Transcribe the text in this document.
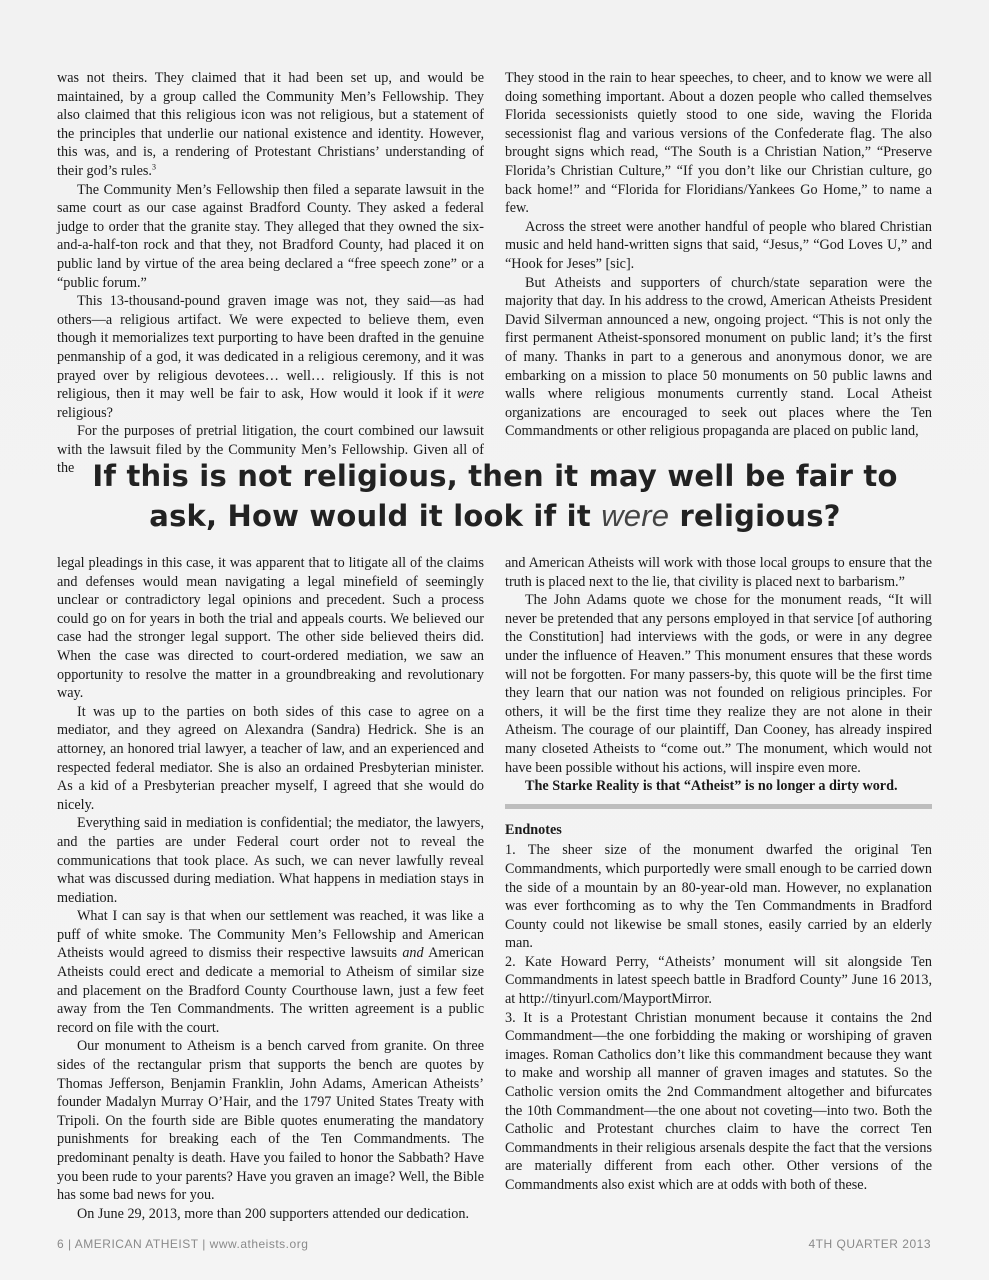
was not theirs. They claimed that it had been set up, and would be maintained, by a group called the Community Men’s Fellowship. They also claimed that this religious icon was not religious, but a statement of the principles that underlie our national existence and identity. However, this was, and is, a rendering of Protestant Christians’ understanding of their god’s rules.$^3$

The Community Men’s Fellowship then filed a separate lawsuit in the same court as our case against Bradford County. They asked a federal judge to order that the granite stay. They alleged that they owned the six-and-a-half-ton rock and that they, not Bradford County, had placed it on public land by virtue of the area being declared a “free speech zone” or a “public forum.”

This 13-thousand-pound graven image was not, they said—as had others—a religious artifact. We were expected to believe them, even though it memorializes text purporting to have been drafted in the genuine penmanship of a god, it was dedicated in a religious ceremony, and it was prayed over by religious devotees… well… religiously. If this is not religious, then it may well be fair to ask, How would it look if it were religious?

For the purposes of pretrial litigation, the court combined our lawsuit with the lawsuit filed by the Community Men’s Fellowship. Given all of the

They stood in the rain to hear speeches, to cheer, and to know we were all doing something important. About a dozen people who called themselves Florida secessionists quietly stood to one side, waving the Florida secessionist flag and various versions of the Confederate flag. The also brought signs which read, “The South is a Christian Nation,” “Preserve Florida’s Christian Culture,” “If you don’t like our Christian culture, go back home!” and “Florida for Floridians/Yankees Go Home,” to name a few.

Across the street were another handful of people who blared Christian music and held hand-written signs that said, “Jesus,” “God Loves U,” and “Hook for Jeses” [sic].

But Atheists and supporters of church/state separation were the majority that day. In his address to the crowd, American Atheists President David Silverman announced a new, ongoing project. “This is not only the first permanent Atheist-sponsored monument on public land; it’s the first of many. Thanks in part to a generous and anonymous donor, we are embarking on a mission to place 50 monuments on 50 public lawns and walls where religious monuments currently stand. Local Atheist organizations are encouraged to seek out places where the Ten Commandments or other religious propaganda are placed on public land,

If this is not religious, then it may well be fair to
ask, How would it look if it were religious?

legal pleadings in this case, it was apparent that to litigate all of the claims and defenses would mean navigating a legal minefield of seemingly unclear or contradictory legal opinions and precedent. Such a process could go on for years in both the trial and appeals courts. We believed our case had the stronger legal support. The other side believed theirs did. When the case was directed to court-ordered mediation, we saw an opportunity to resolve the matter in a groundbreaking and revolutionary way.

It was up to the parties on both sides of this case to agree on a mediator, and they agreed on Alexandra (Sandra) Hedrick. She is an attorney, an honored trial lawyer, a teacher of law, and an experienced and respected federal mediator. She is also an ordained Presbyterian minister. As a kid of a Presbyterian preacher myself, I agreed that she would do nicely.

Everything said in mediation is confidential; the mediator, the lawyers, and the parties are under Federal court order not to reveal the communications that took place. As such, we can never lawfully reveal what was discussed during mediation. What happens in mediation stays in mediation.

What I can say is that when our settlement was reached, it was like a puff of white smoke. The Community Men’s Fellowship and American Atheists would agreed to dismiss their respective lawsuits and American Atheists could erect and dedicate a memorial to Atheism of similar size and placement on the Bradford County Courthouse lawn, just a few feet away from the Ten Commandments. The written agreement is a public record on file with the court.

Our monument to Atheism is a bench carved from granite. On three sides of the rectangular prism that supports the bench are quotes by Thomas Jefferson, Benjamin Franklin, John Adams, American Atheists’ founder Madalyn Murray O’Hair, and the 1797 United States Treaty with Tripoli. On the fourth side are Bible quotes enumerating the mandatory punishments for breaking each of the Ten Commandments. The predominant penalty is death. Have you failed to honor the Sabbath? Have you been rude to your parents? Have you graven an image? Well, the Bible has some bad news for you.

On June 29, 2013, more than 200 supporters attended our dedication.

and American Atheists will work with those local groups to ensure that the truth is placed next to the lie, that civility is placed next to barbarism.”

The John Adams quote we chose for the monument reads, “It will never be pretended that any persons employed in that service [of authoring the Constitution] had interviews with the gods, or were in any degree under the influence of Heaven.” This monument ensures that these words will not be forgotten. For many passers-by, this quote will be the first time they learn that our nation was not founded on religious principles. For others, it will be the first time they realize they are not alone in their Atheism. The courage of our plaintiff, Dan Cooney, has already inspired many closeted Atheists to “come out.” The monument, which would not have been possible without his actions, will inspire even more.

The Starke Reality is that “Atheist” is no longer a dirty word.

Endnotes

1. The sheer size of the monument dwarfed the original Ten Commandments, which purportedly were small enough to be carried down the side of a mountain by an 80-year-old man. However, no explanation was ever forthcoming as to why the Ten Commandments in Bradford County could not likewise be small stones, easily carried by an elderly man.

2. Kate Howard Perry, “Atheists’ monument will sit alongside Ten Commandments in latest speech battle in Bradford County” June 16 2013, at http://tinyurl.com/MayportMirror.

3. It is a Protestant Christian monument because it contains the 2nd Commandment—the one forbidding the making or worshiping of graven images. Roman Catholics don’t like this commandment because they want to make and worship all manner of graven images and statutes. So the Catholic version omits the 2nd Commandment altogether and bifurcates the 10th Commandment—the one about not coveting—into two. Both the Catholic and Protestant churches claim to have the correct Ten Commandments in their religious arsenals despite the fact that the versions are materially different from each other. Other versions of the Commandments also exist which are at odds with both of these.

6 | AMERICAN ATHEIST | www.atheists.org	4TH QUARTER 2013
